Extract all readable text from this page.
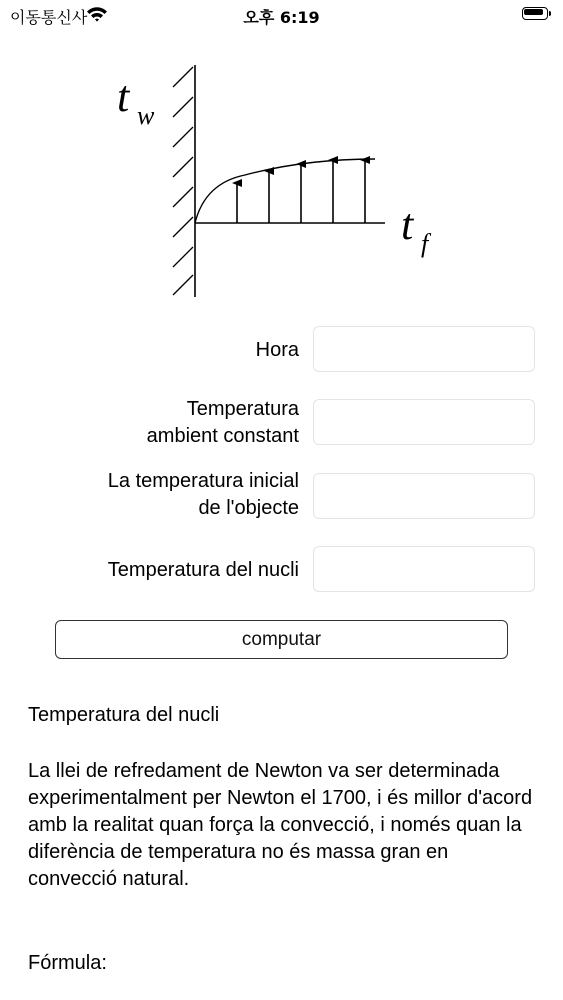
이동통신사	오후 6:19
t w
t f
Hora
Temperatura
ambient constant
La temperatura inicial
de l'objecte
Temperatura del nucli
computar
Temperatura del nucli
La llei de refredament de Newton va ser determinada experimentalment per Newton el 1700, i és millor d'acord amb la realitat quan força la convecció, i només quan la diferència de temperatura no és massa gran en convecció natural.
Fórmula:
